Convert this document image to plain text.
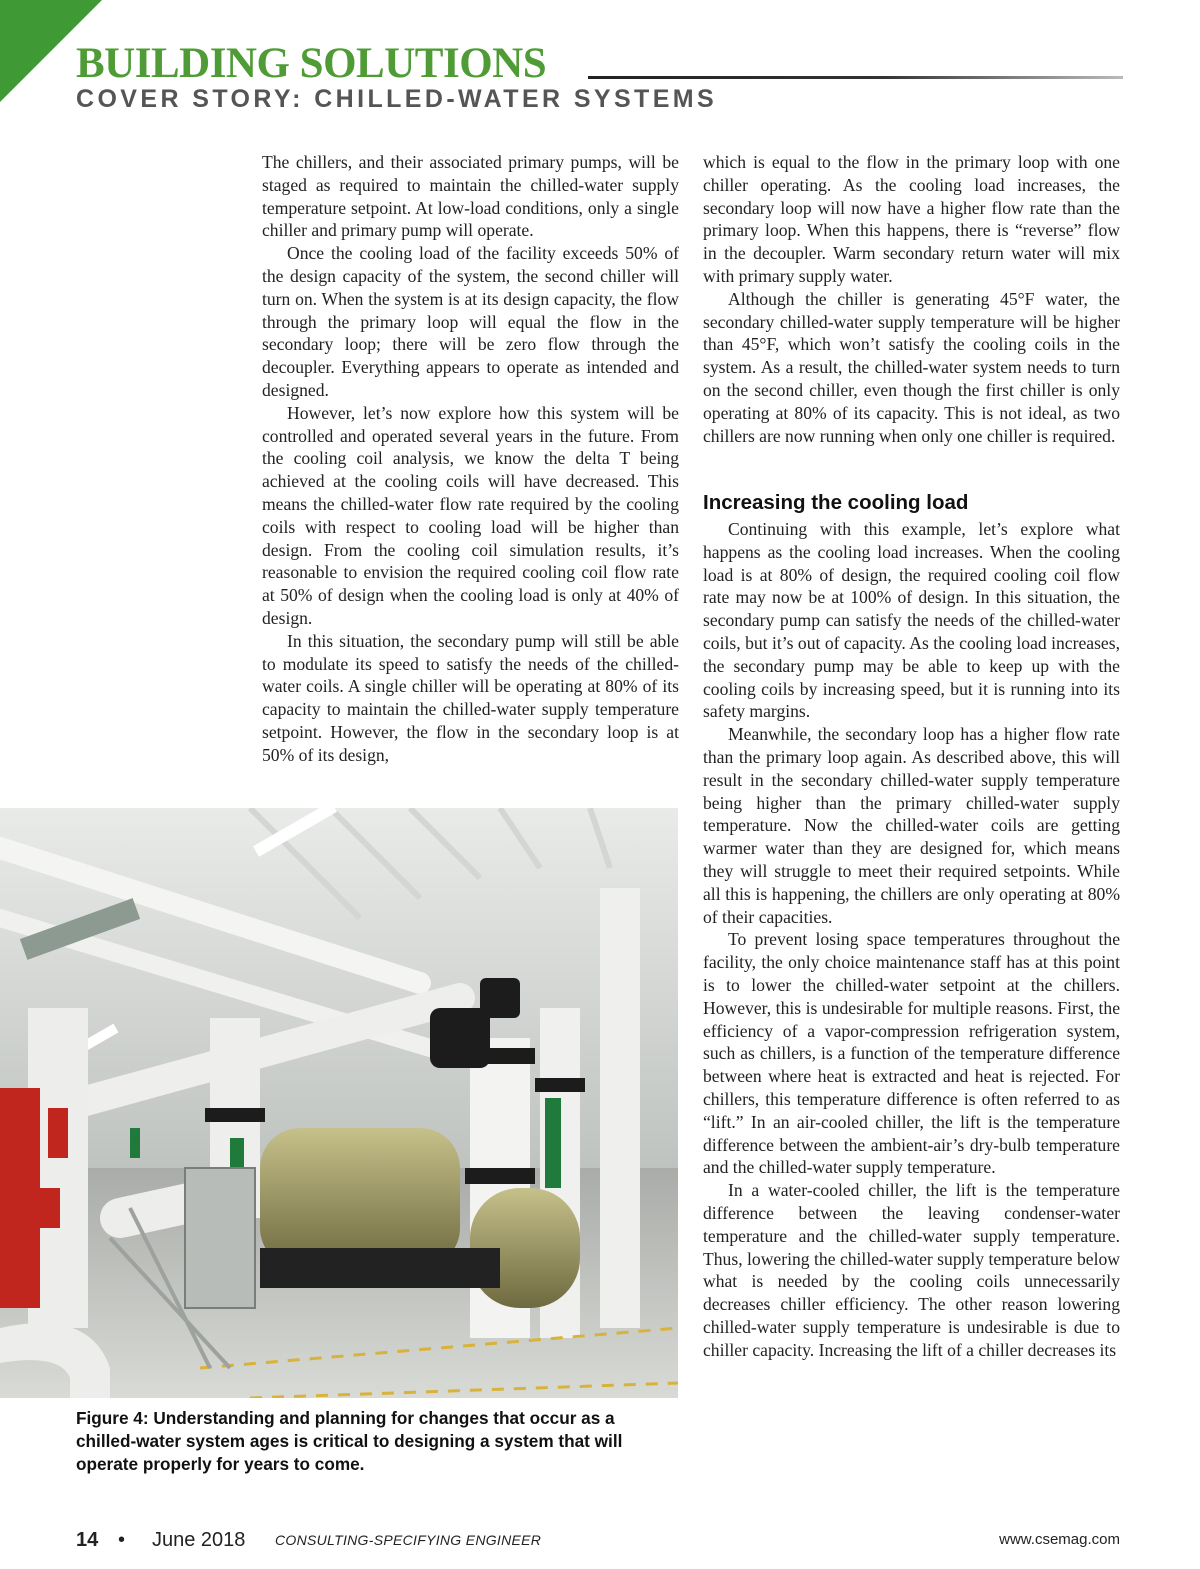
BUILDING SOLUTIONS
COVER STORY: CHILLED-WATER SYSTEMS

The chillers, and their associated primary pumps, will be staged as required to maintain the chilled-water supply temperature setpoint. At low-load conditions, only a single chiller and primary pump will operate.

Once the cooling load of the facility exceeds 50% of the design capacity of the system, the second chiller will turn on. When the system is at its design capacity, the flow through the primary loop will equal the flow in the secondary loop; there will be zero flow through the decoupler. Everything appears to operate as intended and designed.

However, let’s now explore how this system will be controlled and operated several years in the future. From the cooling coil analysis, we know the delta T being achieved at the cooling coils will have decreased. This means the chilled-water flow rate required by the cooling coils with respect to cooling load will be higher than design. From the cooling coil simulation results, it’s reasonable to envision the required cooling coil flow rate at 50% of design when the cooling load is only at 40% of design.

In this situation, the secondary pump will still be able to modulate its speed to satisfy the needs of the chilled-water coils. A single chiller will be operating at 80% of its capacity to maintain the chilled-water supply temperature setpoint. However, the flow in the secondary loop is at 50% of its design,

which is equal to the flow in the primary loop with one chiller operating. As the cooling load increases, the secondary loop will now have a higher flow rate than the primary loop. When this happens, there is “reverse” flow in the decoupler. Warm secondary return water will mix with primary supply water.

Although the chiller is generating 45°F water, the secondary chilled-water supply temperature will be higher than 45°F, which won’t satisfy the cooling coils in the system. As a result, the chilled-water system needs to turn on the second chiller, even though the first chiller is only operating at 80% of its capacity. This is not ideal, as two chillers are now running when only one chiller is required.

Increasing the cooling load

Continuing with this example, let’s explore what happens as the cooling load increases. When the cooling load is at 80% of design, the required cooling coil flow rate may now be at 100% of design. In this situation, the secondary pump can satisfy the needs of the chilled-water coils, but it’s out of capacity. As the cooling load increases, the secondary pump may be able to keep up with the cooling coils by increasing speed, but it is running into its safety margins.

Meanwhile, the secondary loop has a higher flow rate than the primary loop again. As described above, this will result in the secondary chilled-water supply temperature being higher than the primary chilled-water supply temperature. Now the chilled-water coils are getting warmer water than they are designed for, which means they will struggle to meet their required setpoints. While all this is happening, the chillers are only operating at 80% of their capacities.

To prevent losing space temperatures throughout the facility, the only choice maintenance staff has at this point is to lower the chilled-water setpoint at the chillers. However, this is undesirable for multiple reasons. First, the efficiency of a vapor-compression refrigeration system, such as chillers, is a function of the temperature difference between where heat is extracted and heat is rejected. For chillers, this temperature difference is often referred to as “lift.” In an air-cooled chiller, the lift is the temperature difference between the ambient-air’s dry-bulb temperature and the chilled-water supply temperature.

In a water-cooled chiller, the lift is the temperature difference between the leaving condenser-water temperature and the chilled-water supply temperature. Thus, lowering the chilled-water supply temperature below what is needed by the cooling coils unnecessarily decreases chiller efficiency. The other reason lowering chilled-water supply temperature is undesirable is due to chiller capacity. Increasing the lift of a chiller decreases its

Figure 4: Understanding and planning for changes that occur as a chilled-water system ages is critical to designing a system that will operate properly for years to come.

14 • June 2018 CONSULTING-SPECIFYING ENGINEER	www.csemag.com
